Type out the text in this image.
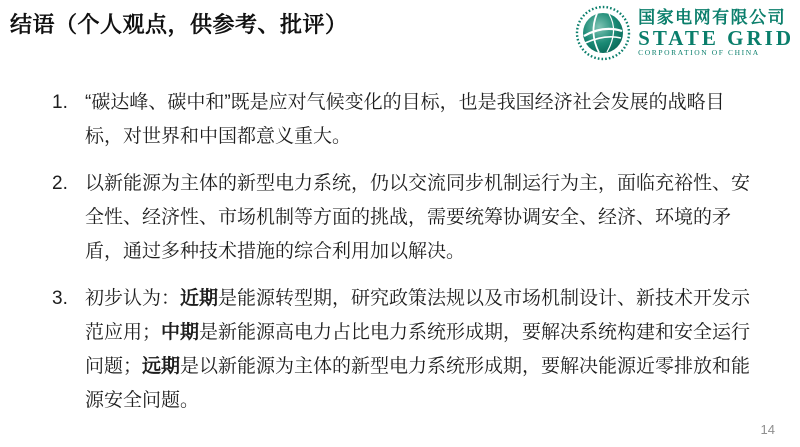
结语（个人观点，供参考、批评）	国家电网有限公司
STATE GRID
CORPORATION OF CHINA
1. “碳达峰、碳中和”既是应对气候变化的目标，也是我国经济社会发展的战略目标，对世界和中国都意义重大。
2. 以新能源为主体的新型电力系统，仍以交流同步机制运行为主，面临充裕性、安全性、经济性、市场机制等方面的挑战，需要统筹协调安全、经济、环境的矛盾，通过多种技术措施的综合利用加以解决。
3. 初步认为：近期是能源转型期，研究政策法规以及市场机制设计、新技术开发示范应用；中期是新能源高电力占比电力系统形成期，要解决系统构建和安全运行问题；远期是以新能源为主体的新型电力系统形成期，要解决能源近零排放和能源安全问题。
14
